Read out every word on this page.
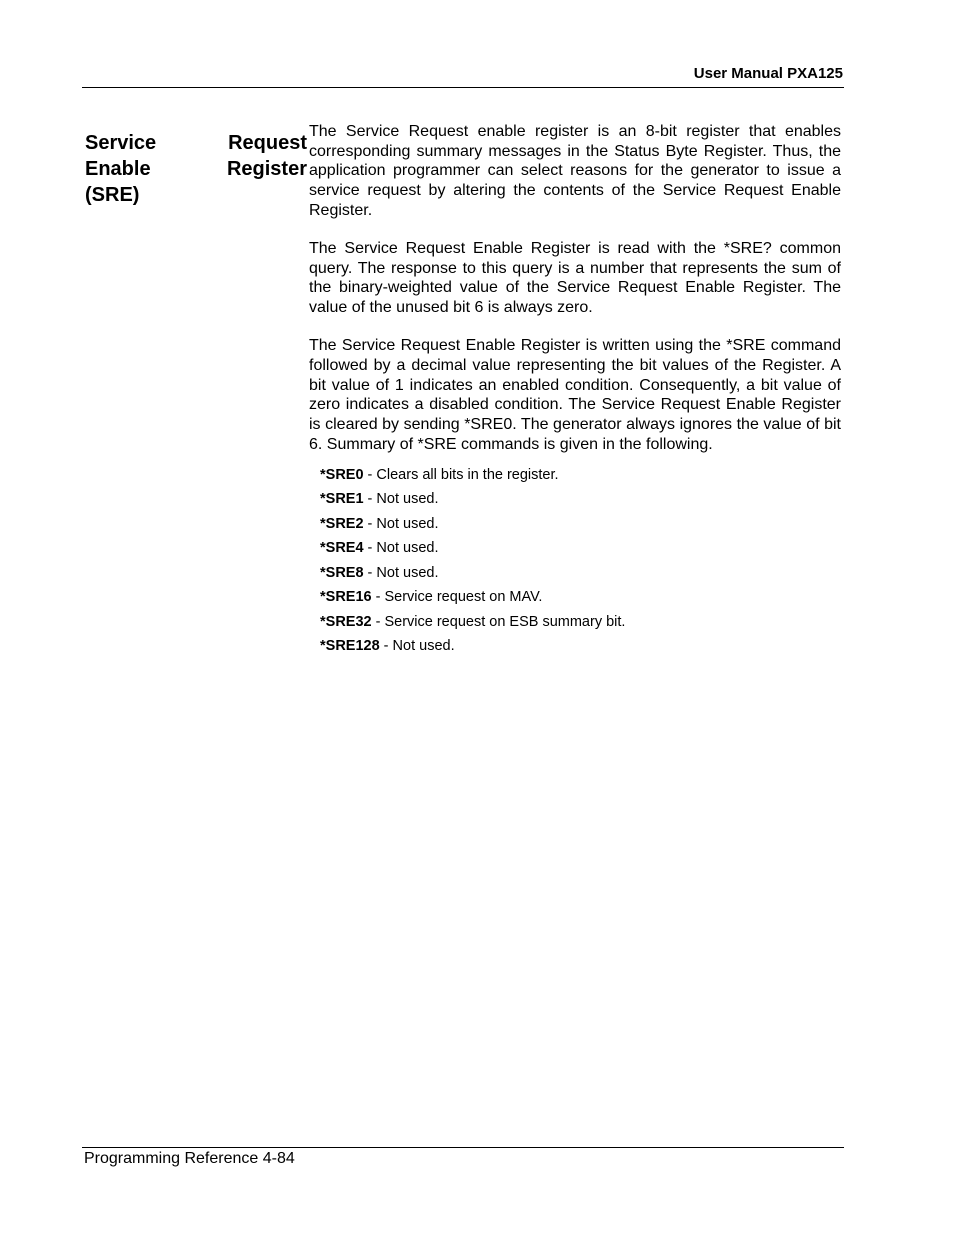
User Manual PXA125
Service	Request
Enable	Register
(SRE)

The Service Request enable register is an 8-bit register that enables corresponding summary messages in the Status Byte Register. Thus, the application programmer can select reasons for the generator to issue a service request by altering the contents of the Service Request Enable Register.

The Service Request Enable Register is read with the *SRE? common query. The response to this query is a number that represents the sum of the binary-weighted value of the Service Request Enable Register. The value of the unused bit 6 is always zero.

The Service Request Enable Register is written using the *SRE command followed by a decimal value representing the bit values of the Register. A bit value of 1 indicates an enabled condition. Consequently, a bit value of zero indicates a disabled condition. The Service Request Enable Register is cleared by sending *SRE0. The generator always ignores the value of bit 6. Summary of *SRE commands is given in the following.

*SRE0 - Clears all bits in the register.
*SRE1 - Not used.
*SRE2 - Not used.
*SRE4 - Not used.
*SRE8 - Not used.
*SRE16 - Service request on MAV.
*SRE32 - Service request on ESB summary bit.
*SRE128 - Not used.
Programming Reference 4-84
